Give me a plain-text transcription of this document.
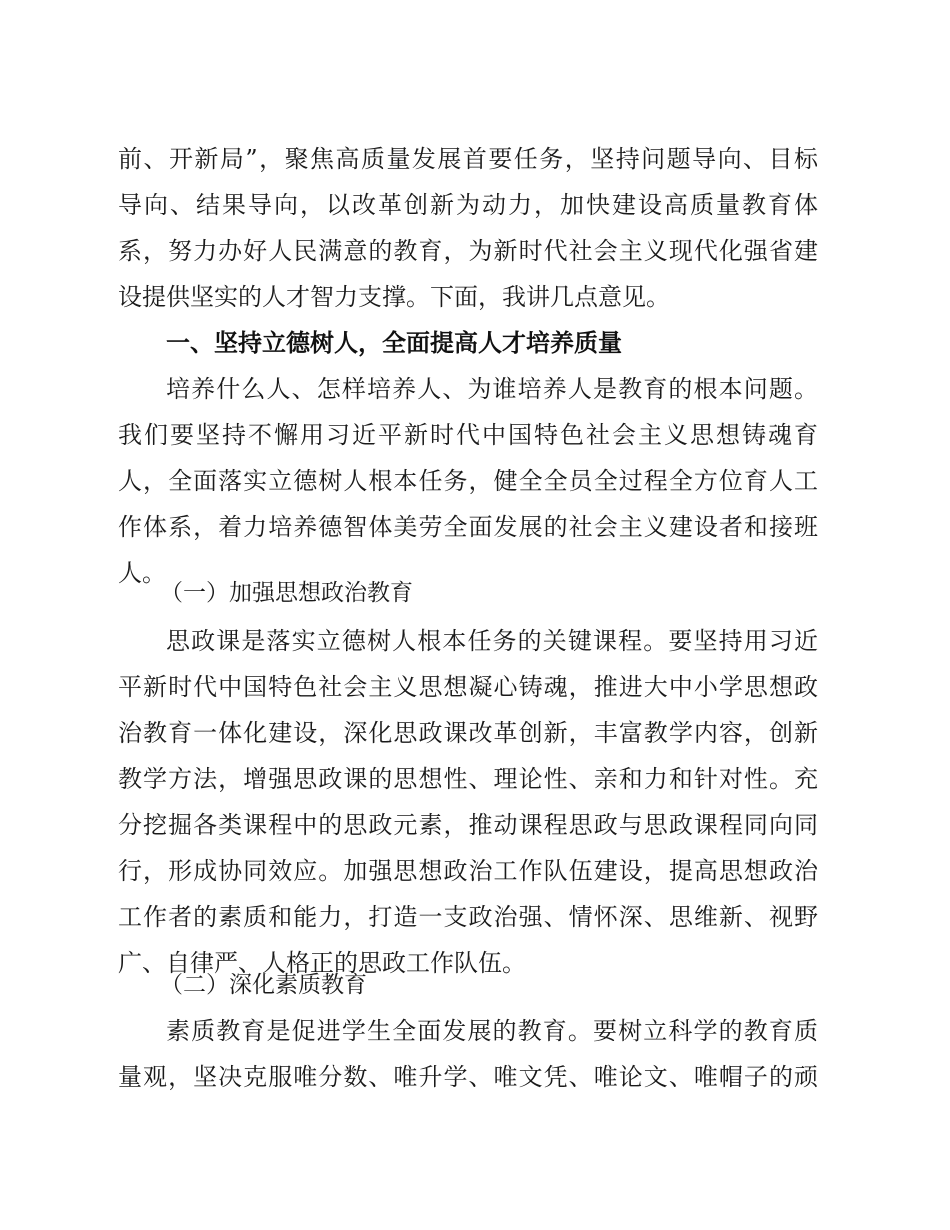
前、开新局”，聚焦高质量发展首要任务，坚持问题导向、目标
导向、结果导向，以改革创新为动力，加快建设高质量教育体
系，努力办好人民满意的教育，为新时代社会主义现代化强省建
设提供坚实的人才智力支撑。下面，我讲几点意见。
一、坚持立德树人，全面提高人才培养质量
培养什么人、怎样培养人、为谁培养人是教育的根本问题。
我们要坚持不懈用习近平新时代中国特色社会主义思想铸魂育
人，全面落实立德树人根本任务，健全全员全过程全方位育人工
作体系，着力培养德智体美劳全面发展的社会主义建设者和接班
人。
（一）加强思想政治教育
思政课是落实立德树人根本任务的关键课程。要坚持用习近
平新时代中国特色社会主义思想凝心铸魂，推进大中小学思想政
治教育一体化建设，深化思政课改革创新，丰富教学内容，创新
教学方法，增强思政课的思想性、理论性、亲和力和针对性。充
分挖掘各类课程中的思政元素，推动课程思政与思政课程同向同
行，形成协同效应。加强思想政治工作队伍建设，提高思想政治
工作者的素质和能力，打造一支政治强、情怀深、思维新、视野
广、自律严、人格正的思政工作队伍。
（二）深化素质教育
素质教育是促进学生全面发展的教育。要树立科学的教育质
量观，坚决克服唯分数、唯升学、唯文凭、唯论文、唯帽子的顽
